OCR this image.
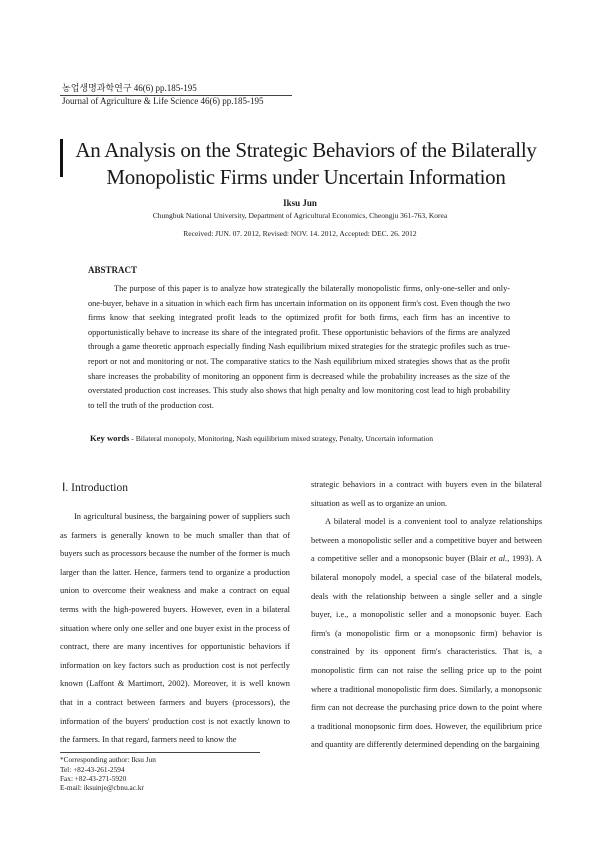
농업생명과학연구 46(6) pp.185-195
Journal of Agriculture & Life Science 46(6) pp.185-195
An Analysis on the Strategic Behaviors of the Bilaterally
Monopolistic Firms under Uncertain Information
Iksu Jun
Chungbuk National University, Department of Agricultural Economics, Cheongju 361-763, Korea
Received: JUN. 07. 2012, Revised: NOV. 14. 2012, Accepted: DEC. 26. 2012
ABSTRACT
The purpose of this paper is to analyze how strategically the bilaterally monopolistic firms, only-one-seller and only-one-buyer, behave in a situation in which each firm has uncertain information on its opponent firm's cost. Even though the two firms know that seeking integrated profit leads to the optimized profit for both firms, each firm has an incentive to opportunistically behave to increase its share of the integrated profit. These opportunistic behaviors of the firms are analyzed through a game theoretic approach especially finding Nash equilibrium mixed strategies for the strategic profiles such as true-report or not and monitoring or not. The comparative statics to the Nash equilibrium mixed strategies shows that as the profit share increases the probability of monitoring an opponent firm is decreased while the probability increases as the size of the overstated production cost increases. This study also shows that high penalty and low monitoring cost lead to high probability to tell the truth of the production cost.
Key words - Bilateral monopoly, Monitoring, Nash equilibrium mixed strategy, Penalty, Uncertain information
Ⅰ. Introduction

In agricultural business, the bargaining power of suppliers such as farmers is generally known to be much smaller than that of buyers such as processors because the number of the former is much larger than the latter. Hence, farmers tend to organize a production union to overcome their weakness and make a contract on equal terms with the high-powered buyers. However, even in a bilateral situation where only one seller and one buyer exist in the process of contract, there are many incentives for opportunistic behaviors if information on key factors such as production cost is not perfectly known (Laffont & Martimort, 2002). Moreover, it is well known that in a contract between farmers and buyers (processors), the information of the buyers' production cost is not exactly known to the farmers. In that regard, farmers need to know the

strategic behaviors in a contract with buyers even in the bilateral situation as well as to organize an union.

A bilateral model is a convenient tool to analyze relationships between a monopolistic seller and a competitive buyer and between a competitive seller and a monopsonic buyer (Blair et al., 1993). A bilateral monopoly model, a special case of the bilateral models, deals with the relationship between a single seller and a single buyer, i.e., a monopolistic seller and a monopsonic buyer. Each firm's (a monopolistic firm or a monopsonic firm) behavior is constrained by its opponent firm's characteristics. That is, a monopolistic firm can not raise the selling price up to the point where a traditional monopolistic firm does. Similarly, a monopsonic firm can not decrease the purchasing price down to the point where a traditional monopsonic firm does. However, the equilibrium price and quantity are differently determined depending on the bargaining

*Corresponding author: Iksu Jun
Tel: +82-43-261-2594
Fax: +82-43-271-5920
E-mail: iksuinje@cbnu.ac.kr
